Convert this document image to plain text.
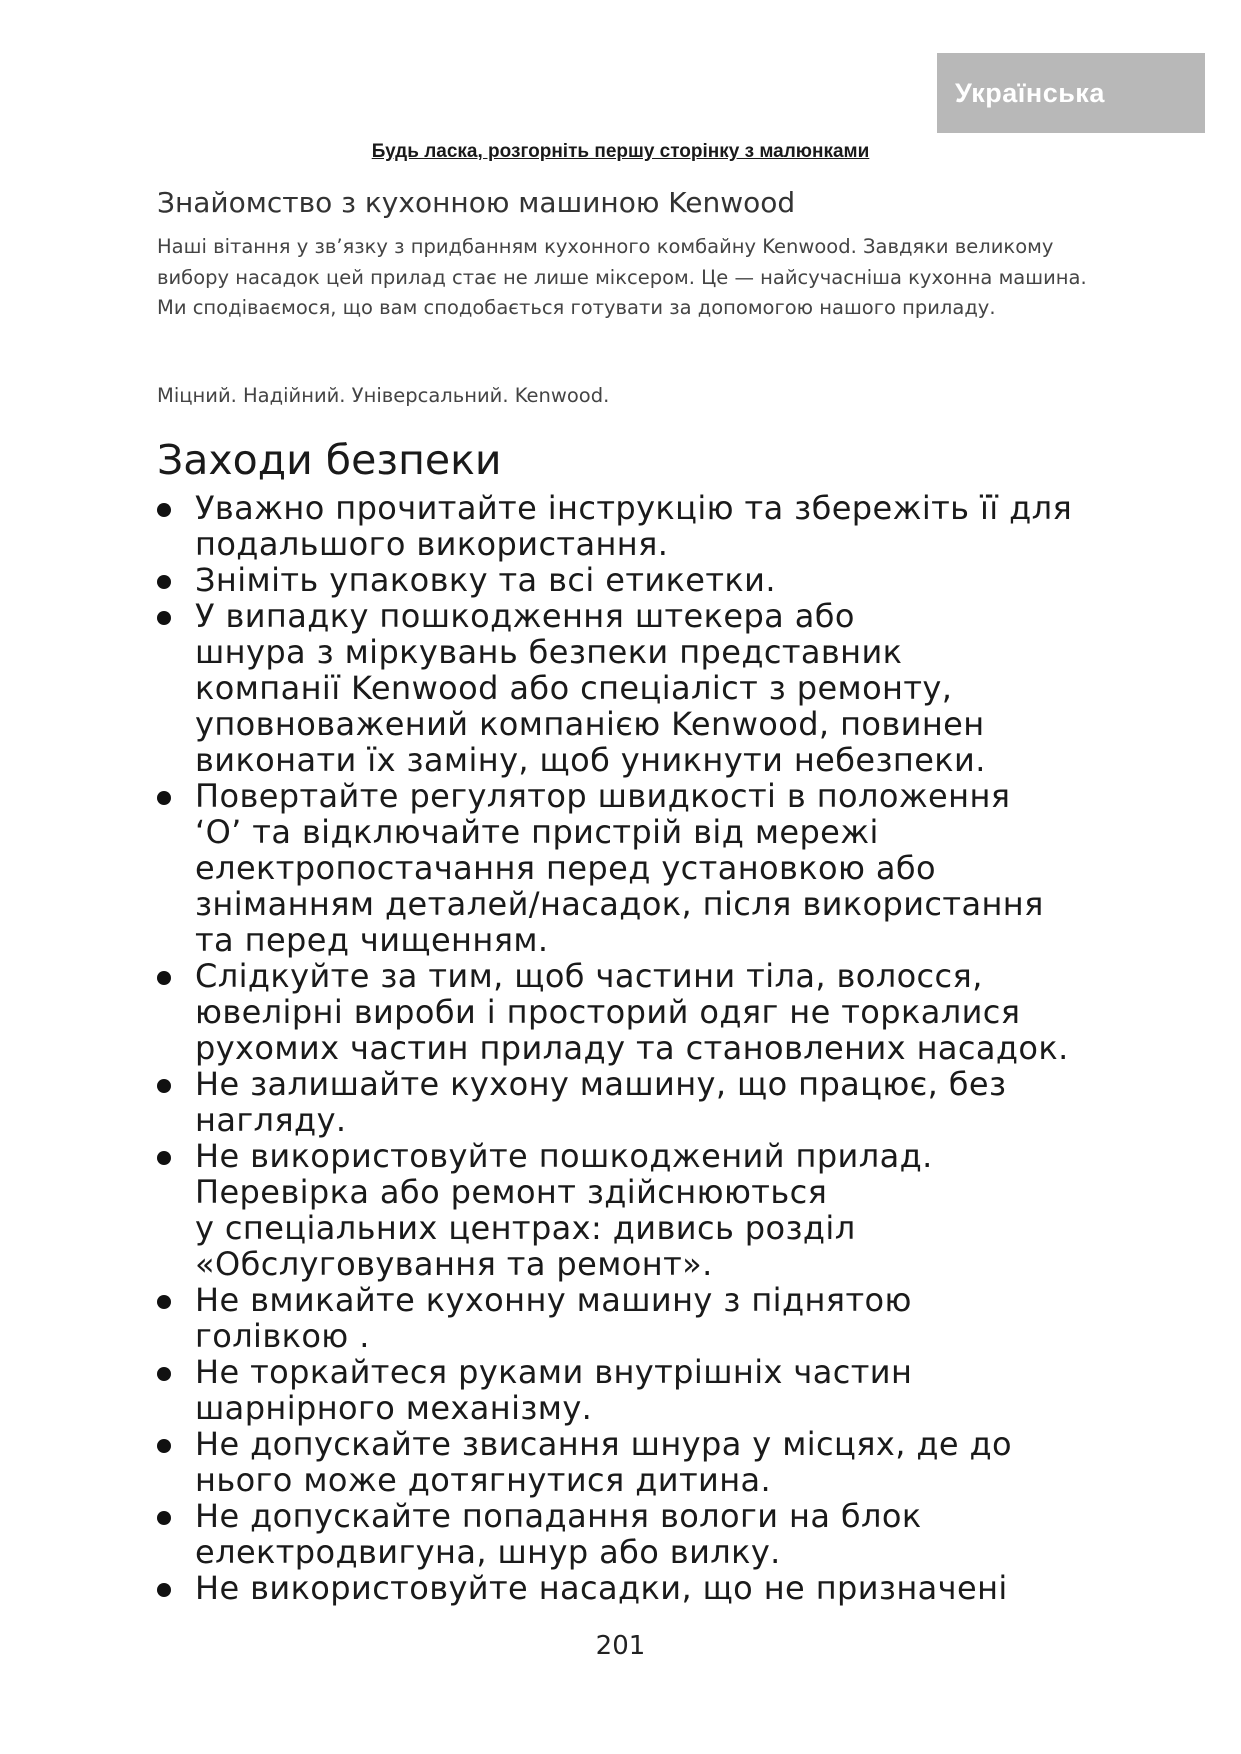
Українська
Будь ласка, розгорніть першу сторінку з малюнками
Знайомство з кухонною машиною Kenwood

Наші вітання у зв’язку з придбанням кухонного комбайну Kenwood. Завдяки великому вибору насадок цей прилад стає не лише міксером. Це — найсучасніша кухонна машина. Ми сподіваємося, що вам сподобається готувати за допомогою нашого приладу.

Міцний. Надійний. Універсальний. Kenwood.

Заходи безпеки
Уважно прочитайте інструкцію та збережіть її для
подальшого використання.
Зніміть упаковку та всі етикетки.
У випадку пошкодження штекера або
шнура з міркувань безпеки представник
компанії Kenwood або спеціаліст з ремонту,
уповноважений компанією Kenwood, повинен
виконати їх заміну, щоб уникнути небезпеки.
Повертайте регулятор швидкості в положення
‘O’ та відключайте пристрій від мережі
електропостачання перед установкою або
зніманням деталей/насадок, після використання
та перед чищенням.
Слідкуйте за тим, щоб частини тіла, волосся,
ювелірні вироби і просторий одяг не торкалися
рухомих частин приладу та становлених насадок.
Не залишайте кухону машину, що працює, без
нагляду.
Не використовуйте пошкоджений прилад.
Перевірка або ремонт здійснюються
у спеціальних центрах: дивись розділ
«Обслуговування та ремонт».
Не вмикайте кухонну машину з піднятою
голівкою .
Не торкайтеся руками внутрішніх частин
шарнірного механізму.
Не допускайте звисання шнура у місцях, де до
нього може дотягнутися дитина.
Не допускайте попадання вологи на блок
електродвигуна, шнур або вилку.
Не використовуйте насадки, що не призначені
201
